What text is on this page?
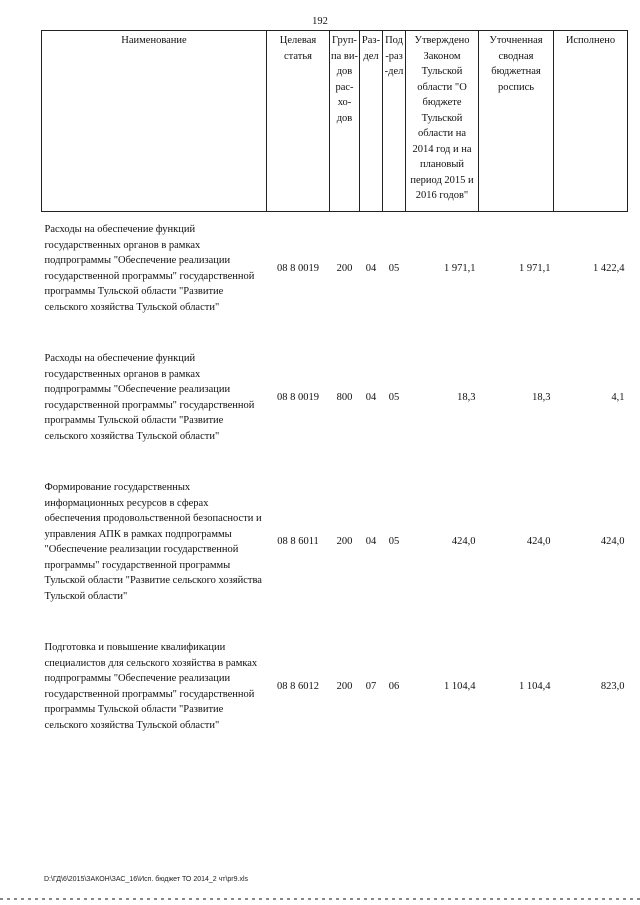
192
Наименование	Целевая статья	Груп-па ви-дов рас-хо-дов	Раз-дел	Под-раз-дел	Утверждено Законом Тульской области "О бюджете Тульской области на 2014 год и на плановый период 2015 и 2016 годов"	Уточненная сводная бюджетная роспись	Исполнено

Расходы на обеспечение функций государственных органов в рамках подпрограммы "Обеспечение реализации государственной программы" государственной программы Тульской области "Развитие сельского хозяйства Тульской области"	08 8 0019	200	04	05	1 971,1	1 971,1	1 422,4
Расходы на обеспечение функций государственных органов в рамках подпрограммы "Обеспечение реализации государственной программы" государственной программы Тульской области "Развитие сельского хозяйства Тульской области"	08 8 0019	800	04	05	18,3	18,3	4,1
Формирование государственных информационных ресурсов в сферах обеспечения продовольственной безопасности и управления АПК в рамках подпрограммы "Обеспечение реализации государственной программы" государственной программы Тульской области "Развитие сельского хозяйства Тульской области"	08 8 6011	200	04	05	424,0	424,0	424,0
Подготовка и повышение квалификации специалистов для сельского хозяйства в рамках подпрограммы "Обеспечение реализации государственной программы" государственной программы Тульской области "Развитие сельского хозяйства Тульской области"	08 8 6012	200	07	06	1 104,4	1 104,4	823,0
D:\ГД\6\2015\ЗАКОН\ЗАС_16\Исп. бюджет ТО 2014_2 чт\pr9.xls
